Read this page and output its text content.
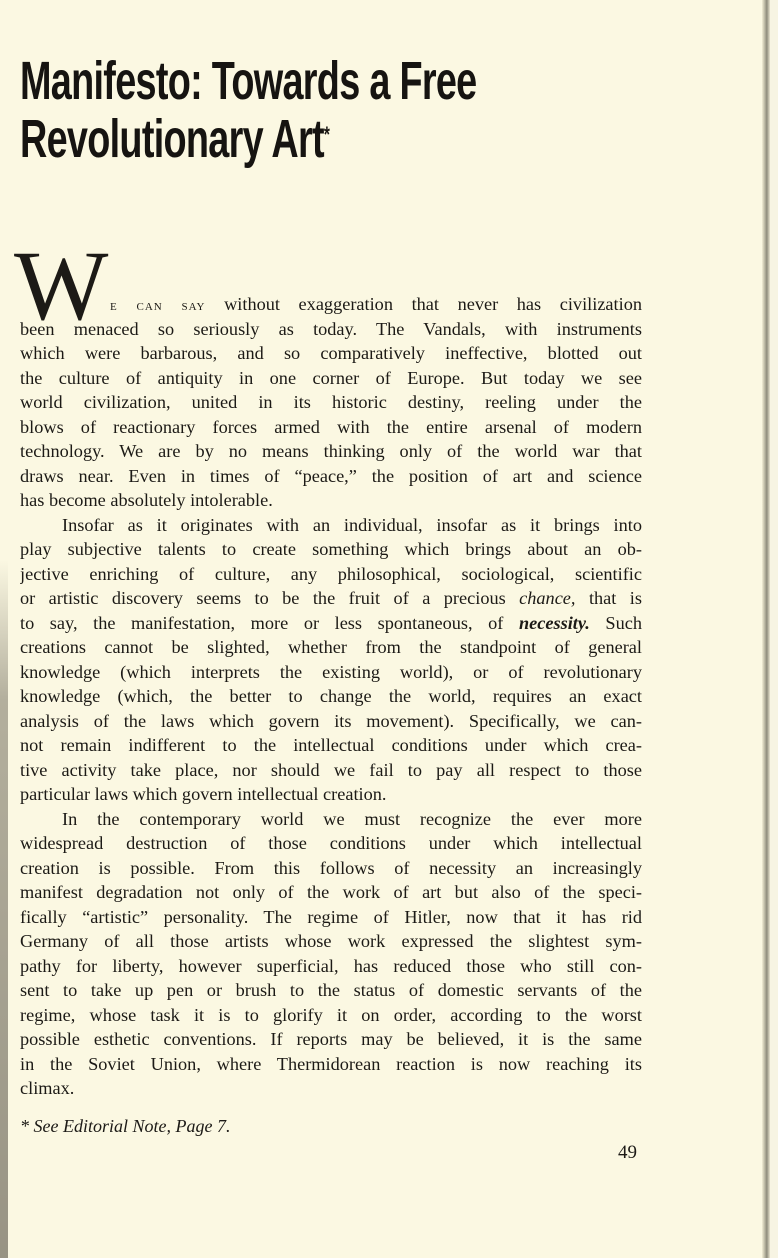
Manifesto: Towards a Free
Revolutionary Art*
W e can say without exaggeration that never has civilization
been menaced so seriously as today. The Vandals, with instruments
which were barbarous, and so comparatively ineffective, blotted out
the culture of antiquity in one corner of Europe. But today we see
world civilization, united in its historic destiny, reeling under the
blows of reactionary forces armed with the entire arsenal of modern
technology. We are by no means thinking only of the world war that
draws near. Even in times of “peace,” the position of art and science
has become absolutely intolerable.
Insofar as it originates with an individual, insofar as it brings into
play subjective talents to create something which brings about an ob-
jective enriching of culture, any philosophical, sociological, scientific
or artistic discovery seems to be the fruit of a precious chance, that is
to say, the manifestation, more or less spontaneous, of necessity. Such
creations cannot be slighted, whether from the standpoint of general
knowledge (which interprets the existing world), or of revolutionary
knowledge (which, the better to change the world, requires an exact
analysis of the laws which govern its movement). Specifically, we can-
not remain indifferent to the intellectual conditions under which crea-
tive activity take place, nor should we fail to pay all respect to those
particular laws which govern intellectual creation.
In the contemporary world we must recognize the ever more
widespread destruction of those conditions under which intellectual
creation is possible. From this follows of necessity an increasingly
manifest degradation not only of the work of art but also of the speci-
fically “artistic” personality. The regime of Hitler, now that it has rid
Germany of all those artists whose work expressed the slightest sym-
pathy for liberty, however superficial, has reduced those who still con-
sent to take up pen or brush to the status of domestic servants of the
regime, whose task it is to glorify it on order, according to the worst
possible esthetic conventions. If reports may be believed, it is the same
in the Soviet Union, where Thermidorean reaction is now reaching its
climax.
* See Editorial Note, Page 7.
49
